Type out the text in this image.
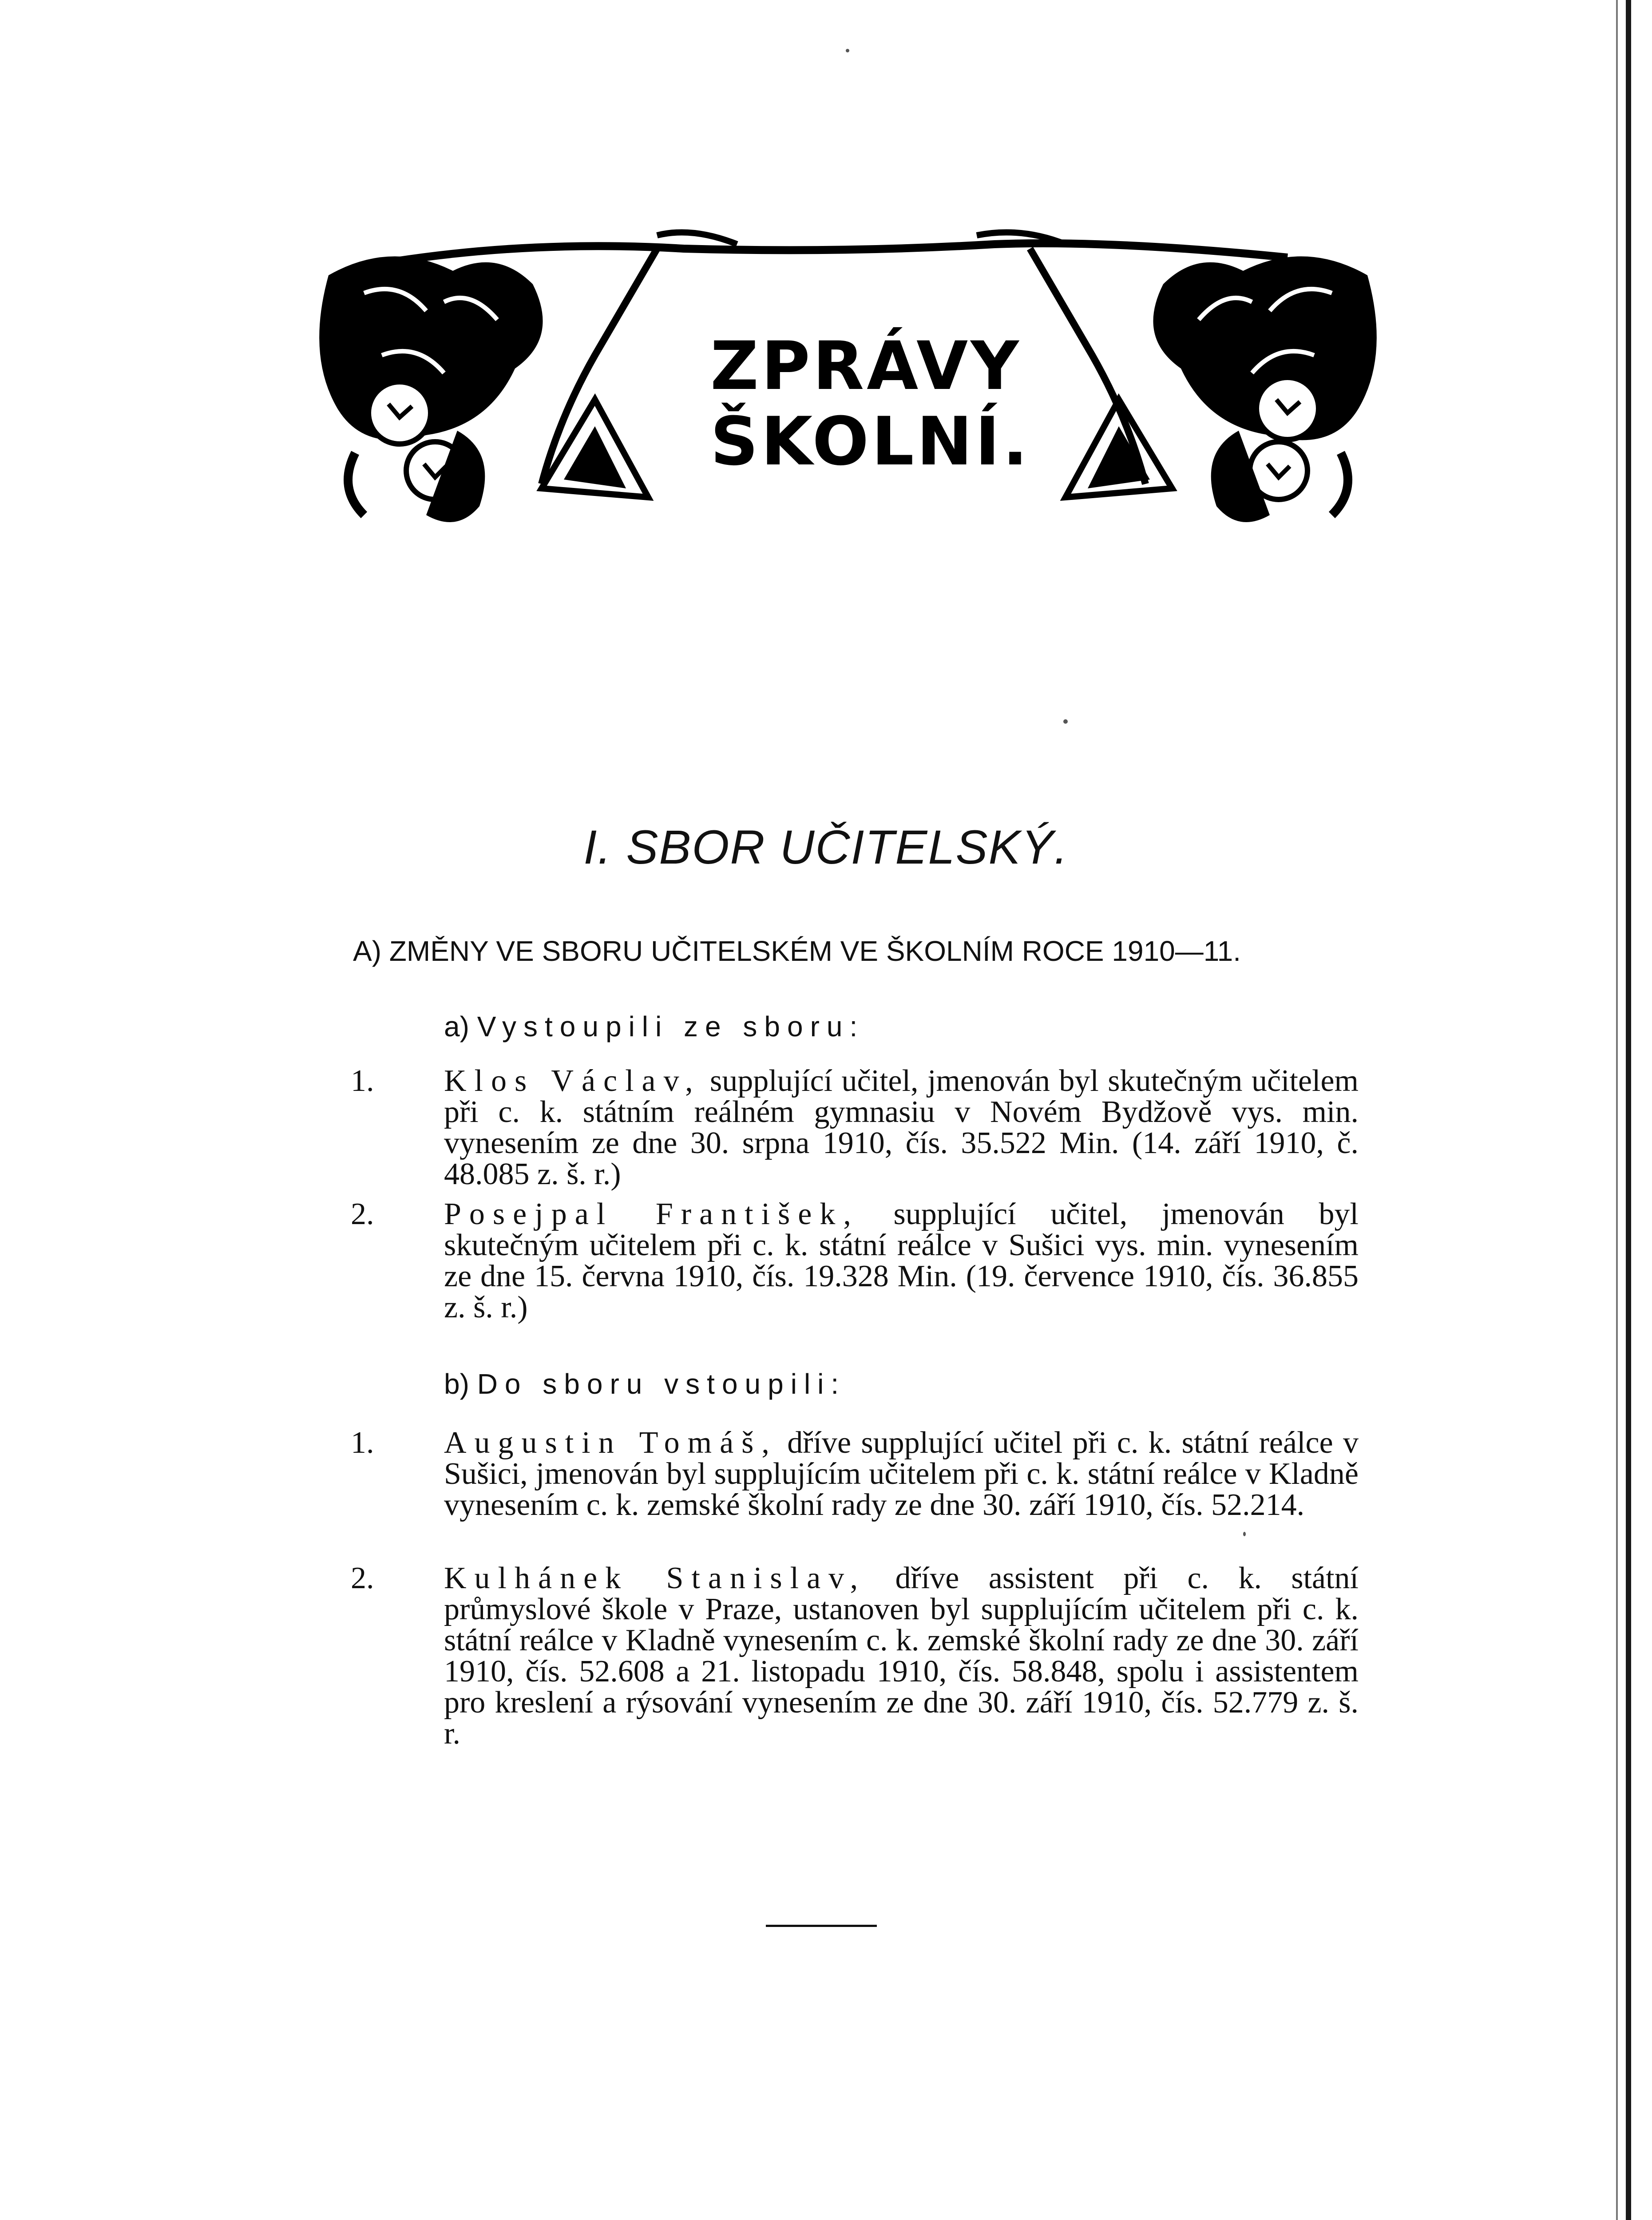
ZPRÁVY
ŠKOLNÍ.
I. SBOR UČITELSKÝ.
A) ZMĚNY VE SBORU UČITELSKÉM VE ŠKOLNÍM ROCE 1910—11.
a) Vystoupili ze sboru:
1. Klos Václav, supplující učitel, jmenován byl skutečným učitelem při c. k. státním reálném gymnasiu v Novém Bydžově vys. min. vynesením ze dne 30. srpna 1910, čís. 35.522 Min. (14. září 1910, č. 48.085 z. š. r.)
2. Posejpal František, supplující učitel, jmenován byl skutečným učitelem při c. k. státní reálce v Sušici vys. min. vynesením ze dne 15. června 1910, čís. 19.328 Min. (19. července 1910, čís. 36.855 z. š. r.)
b) Do sboru vstoupili:
1. Augustin Tomáš, dříve supplující učitel při c. k. státní reálce v Sušici, jmenován byl supplujícím učitelem při c. k. státní reálce v Kladně vynesením c. k. zemské školní rady ze dne 30. září 1910, čís. 52.214.
2. Kulhánek Stanislav, dříve assistent při c. k. státní průmyslové škole v Praze, ustanoven byl supplujícím učitelem při c. k. státní reálce v Kladně vynesením c. k. zemské školní rady ze dne 30. září 1910, čís. 52.608 a 21. listopadu 1910, čís. 58.848, spolu i assistentem pro kreslení a rýsování vynesením ze dne 30. září 1910, čís. 52.779 z. š. r.
